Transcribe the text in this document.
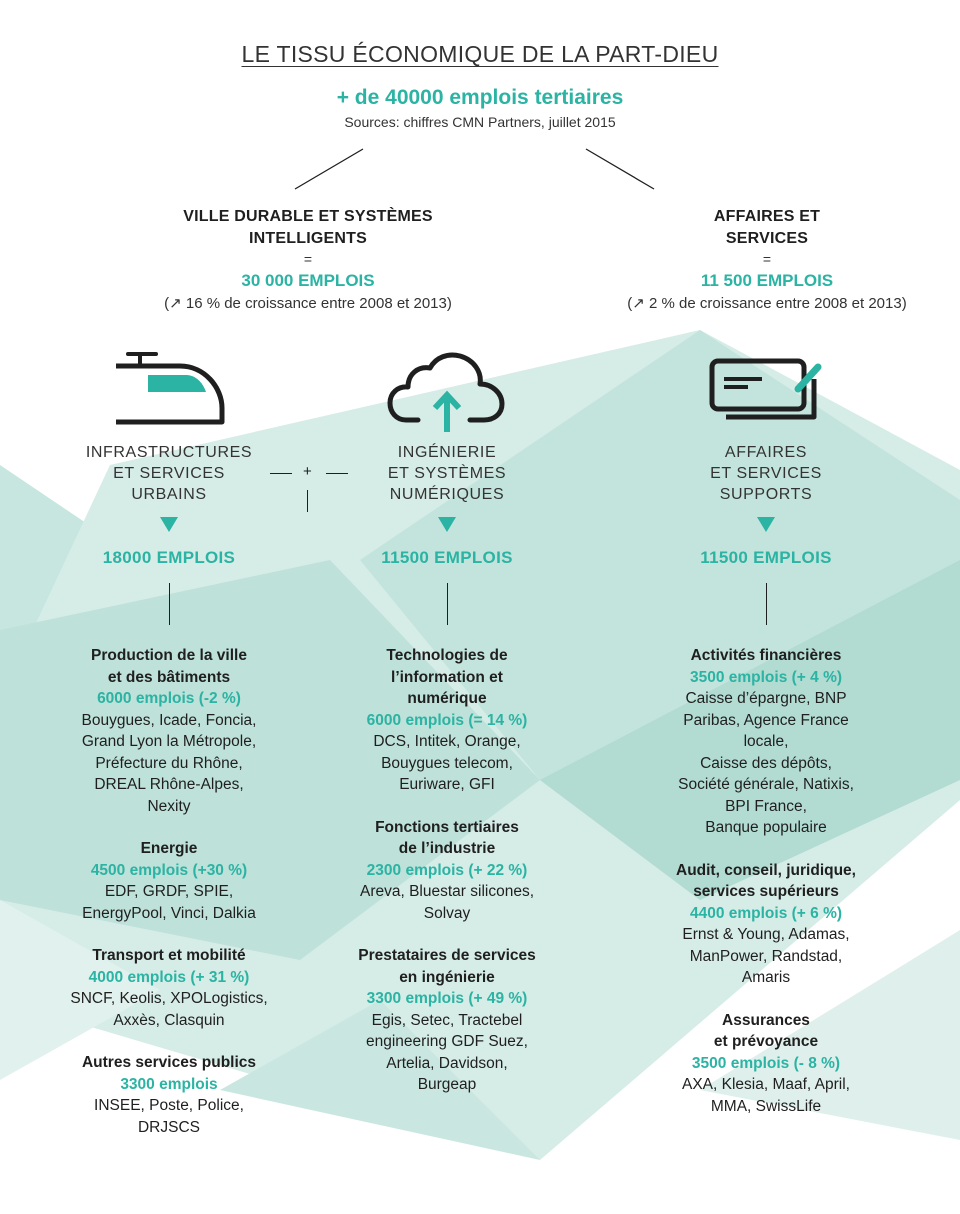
LE TISSU ÉCONOMIQUE DE LA PART-DIEU
+ de 40000 emplois tertiaires
Sources: chiffres CMN Partners, juillet 2015
VILLE DURABLE ET SYSTÈMES
INTELLIGENTS
=
30 000 EMPLOIS
(↗ 16 % de croissance entre 2008 et 2013)
AFFAIRES ET
SERVICES
=
11 500 EMPLOIS
(↗ 2 % de croissance entre 2008 et 2013)
INFRASTRUCTURES
ET SERVICES
URBAINS
INGÉNIERIE
ET SYSTÈMES
NUMÉRIQUES
AFFAIRES
ET SERVICES
SUPPORTS
+
18000 EMPLOIS	11500 EMPLOIS	11500 EMPLOIS
Production de la ville
et des bâtiments
6000 emplois (-2 %)
Bouygues, Icade, Foncia,
Grand Lyon la Métropole,
Préfecture du Rhône,
DREAL Rhône-Alpes,
Nexity
Energie
4500 emplois (+30 %)
EDF, GRDF, SPIE,
EnergyPool, Vinci, Dalkia
Transport et mobilité
4000 emplois (+ 31 %)
SNCF, Keolis, XPOLogistics,
Axxès, Clasquin
Autres services publics
3300 emplois
INSEE, Poste, Police,
DRJSCS
Technologies de
l’information et
numérique
6000 emplois (= 14 %)
DCS, Intitek, Orange,
Bouygues telecom,
Euriware, GFI
Fonctions tertiaires
de l’industrie
2300 emplois (+ 22 %)
Areva, Bluestar silicones,
Solvay
Prestataires de services
en ingénierie
3300 emplois (+ 49 %)
Egis, Setec, Tractebel
engineering GDF Suez,
Artelia, Davidson,
Burgeap
Activités financières
3500 emplois (+ 4 %)
Caisse d’épargne, BNP
Paribas, Agence France
locale,
Caisse des dépôts,
Société générale, Natixis,
BPI France,
Banque populaire
Audit, conseil, juridique,
services supérieurs
4400 emplois (+ 6 %)
Ernst & Young, Adamas,
ManPower, Randstad,
Amaris
Assurances
et prévoyance
3500 emplois (- 8 %)
AXA, Klesia, Maaf, April,
MMA, SwissLife
